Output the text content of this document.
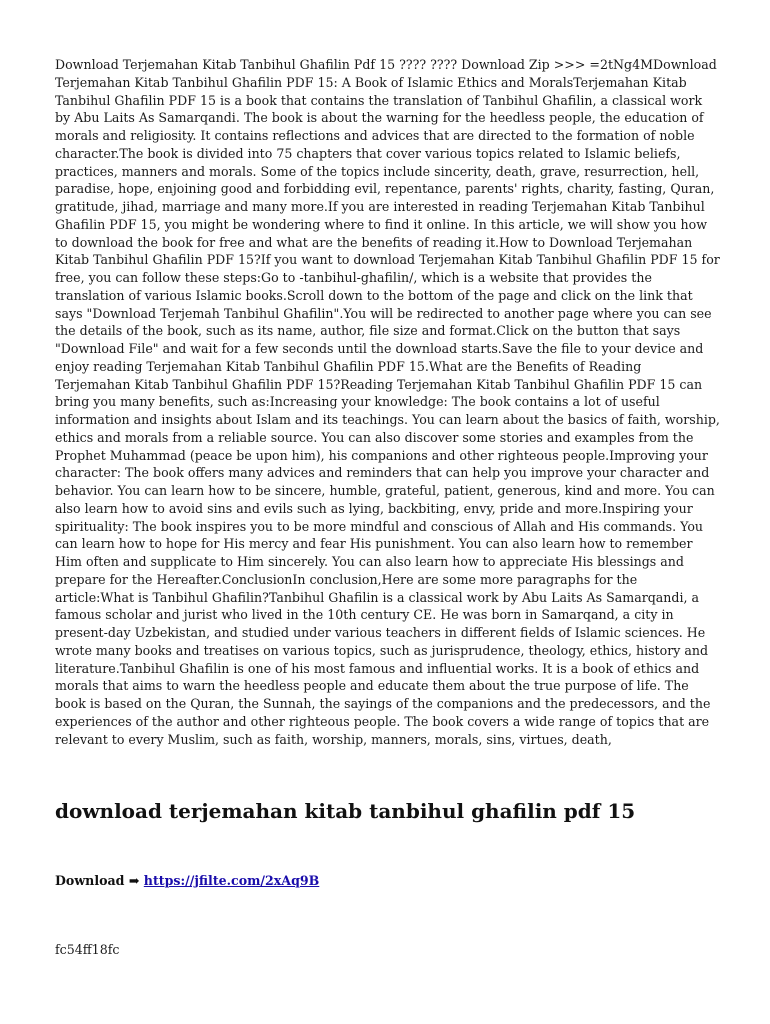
Download Terjemahan Kitab Tanbihul Ghafilin Pdf 15 ???? ???? Download Zip >>> =2tNg4MDownload Terjemahan Kitab Tanbihul Ghafilin PDF 15: A Book of Islamic Ethics and MoralsTerjemahan Kitab Tanbihul Ghafilin PDF 15 is a book that contains the translation of Tanbihul Ghafilin, a classical work by Abu Laits As Samarqandi. The book is about the warning for the heedless people, the education of morals and religiosity. It contains reflections and advices that are directed to the formation of noble character.The book is divided into 75 chapters that cover various topics related to Islamic beliefs, practices, manners and morals. Some of the topics include sincerity, death, grave, resurrection, hell, paradise, hope, enjoining good and forbidding evil, repentance, parents' rights, charity, fasting, Quran, gratitude, jihad, marriage and many more.If you are interested in reading Terjemahan Kitab Tanbihul Ghafilin PDF 15, you might be wondering where to find it online. In this article, we will show you how to download the book for free and what are the benefits of reading it.How to Download Terjemahan Kitab Tanbihul Ghafilin PDF 15?If you want to download Terjemahan Kitab Tanbihul Ghafilin PDF 15 for free, you can follow these steps:Go to -tanbihul-ghafilin/, which is a website that provides the translation of various Islamic books.Scroll down to the bottom of the page and click on the link that says "Download Terjemah Tanbihul Ghafilin".You will be redirected to another page where you can see the details of the book, such as its name, author, file size and format.Click on the button that says "Download File" and wait for a few seconds until the download starts.Save the file to your device and enjoy reading Terjemahan Kitab Tanbihul Ghafilin PDF 15.What are the Benefits of Reading Terjemahan Kitab Tanbihul Ghafilin PDF 15?Reading Terjemahan Kitab Tanbihul Ghafilin PDF 15 can bring you many benefits, such as:Increasing your knowledge: The book contains a lot of useful information and insights about Islam and its teachings. You can learn about the basics of faith, worship, ethics and morals from a reliable source. You can also discover some stories and examples from the Prophet Muhammad (peace be upon him), his companions and other righteous people.Improving your character: The book offers many advices and reminders that can help you improve your character and behavior. You can learn how to be sincere, humble, grateful, patient, generous, kind and more. You can also learn how to avoid sins and evils such as lying, backbiting, envy, pride and more.Inspiring your spirituality: The book inspires you to be more mindful and conscious of Allah and His commands. You can learn how to hope for His mercy and fear His punishment. You can also learn how to remember Him often and supplicate to Him sincerely. You can also learn how to appreciate His blessings and prepare for the Hereafter.ConclusionIn conclusion,Here are some more paragraphs for the article:What is Tanbihul Ghafilin?Tanbihul Ghafilin is a classical work by Abu Laits As Samarqandi, a famous scholar and jurist who lived in the 10th century CE. He was born in Samarqand, a city in present-day Uzbekistan, and studied under various teachers in different fields of Islamic sciences. He wrote many books and treatises on various topics, such as jurisprudence, theology, ethics, history and literature.Tanbihul Ghafilin is one of his most famous and influential works. It is a book of ethics and morals that aims to warn the heedless people and educate them about the true purpose of life. The book is based on the Quran, the Sunnah, the sayings of the companions and the predecessors, and the experiences of the author and other righteous people. The book covers a wide range of topics that are relevant to every Muslim, such as faith, worship, manners, morals, sins, virtues, death,

download terjemahan kitab tanbihul ghafilin pdf 15
Download ➡ https://jfilte.com/2xAq9B
fc54ff18fc
